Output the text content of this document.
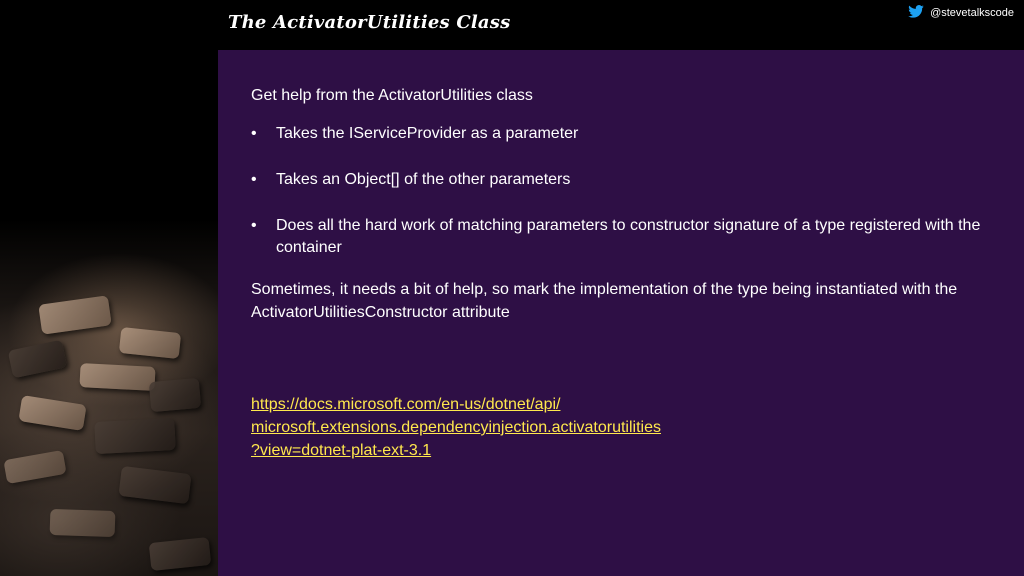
The ActivatorUtilities Class	@stevetalkscode
Get help from the ActivatorUtilities class
• Takes the IServiceProvider as a parameter
• Takes an Object[] of the other parameters
• Does all the hard work of matching parameters to constructor signature of a type registered with the container
Sometimes, it needs a bit of help, so mark the implementation of the type being instantiated with the ActivatorUtilitiesConstructor attribute
https://docs.microsoft.com/en-us/dotnet/api/
microsoft.extensions.dependencyinjection.activatorutilities
?view=dotnet-plat-ext-3.1
